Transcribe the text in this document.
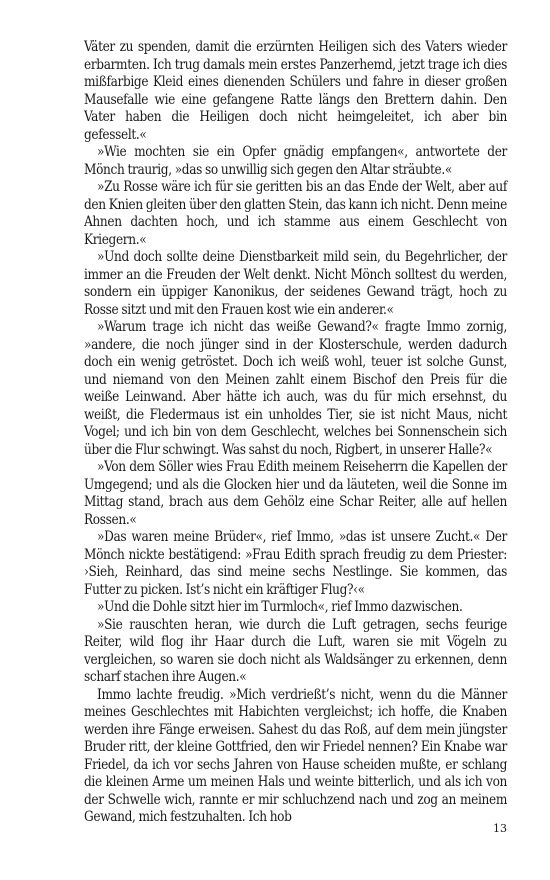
Väter zu spenden, damit die erzürnten Heiligen sich des Vaters wieder erbarmten. Ich trug damals mein erstes Panzerhemd, jetzt trage ich dies mißfarbige Kleid eines dienenden Schülers und fahre in dieser großen Mausefalle wie eine gefangene Ratte längs den Brettern dahin. Den Vater haben die Heiligen doch nicht heimgeleitet, ich aber bin gefesselt.«

»Wie mochten sie ein Opfer gnädig empfangen«, antwortete der Mönch traurig, »das so unwillig sich gegen den Altar sträubte.«

»Zu Rosse wäre ich für sie geritten bis an das Ende der Welt, aber auf den Knien gleiten über den glatten Stein, das kann ich nicht. Denn meine Ahnen dachten hoch, und ich stamme aus einem Geschlecht von Kriegern.«

»Und doch sollte deine Dienstbarkeit mild sein, du Begehrlicher, der immer an die Freuden der Welt denkt. Nicht Mönch solltest du werden, sondern ein üppiger Kanonikus, der seidenes Gewand trägt, hoch zu Rosse sitzt und mit den Frauen kost wie ein anderer.«

»Warum trage ich nicht das weiße Gewand?« fragte Immo zornig, »andere, die noch jünger sind in der Klosterschule, werden dadurch doch ein wenig getröstet. Doch ich weiß wohl, teuer ist solche Gunst, und niemand von den Meinen zahlt einem Bischof den Preis für die weiße Leinwand. Aber hätte ich auch, was du für mich ersehnst, du weißt, die Fledermaus ist ein unholdes Tier, sie ist nicht Maus, nicht Vogel; und ich bin von dem Geschlecht, welches bei Sonnenschein sich über die Flur schwingt. Was sahst du noch, Rigbert, in unserer Halle?«

»Von dem Söller wies Frau Edith meinem Reiseherrn die Kapellen der Umgegend; und als die Glocken hier und da läuteten, weil die Sonne im Mittag stand, brach aus dem Gehölz eine Schar Reiter, alle auf hellen Rossen.«

»Das waren meine Brüder«, rief Immo, »das ist unsere Zucht.« Der Mönch nickte bestätigend: »Frau Edith sprach freudig zu dem Priester: ›Sieh, Reinhard, das sind meine sechs Nestlinge. Sie kommen, das Futter zu picken. Ist’s nicht ein kräftiger Flug?‹«

»Und die Dohle sitzt hier im Turmloch«, rief Immo dazwischen.

»Sie rauschten heran, wie durch die Luft getragen, sechs feurige Reiter, wild flog ihr Haar durch die Luft, waren sie mit Vögeln zu vergleichen, so waren sie doch nicht als Waldsänger zu erkennen, denn scharf stachen ihre Augen.«

Immo lachte freudig. »Mich verdrießt’s nicht, wenn du die Männer meines Geschlechtes mit Habichten vergleichst; ich hoffe, die Knaben werden ihre Fänge erweisen. Sahest du das Roß, auf dem mein jüngster Bruder ritt, der kleine Gottfried, den wir Friedel nennen? Ein Knabe war Friedel, da ich vor sechs Jahren von Hause scheiden mußte, er schlang die kleinen Arme um meinen Hals und weinte bitterlich, und als ich von der Schwelle wich, rannte er mir schluchzend nach und zog an meinem Gewand, mich festzuhalten. Ich hob

13
